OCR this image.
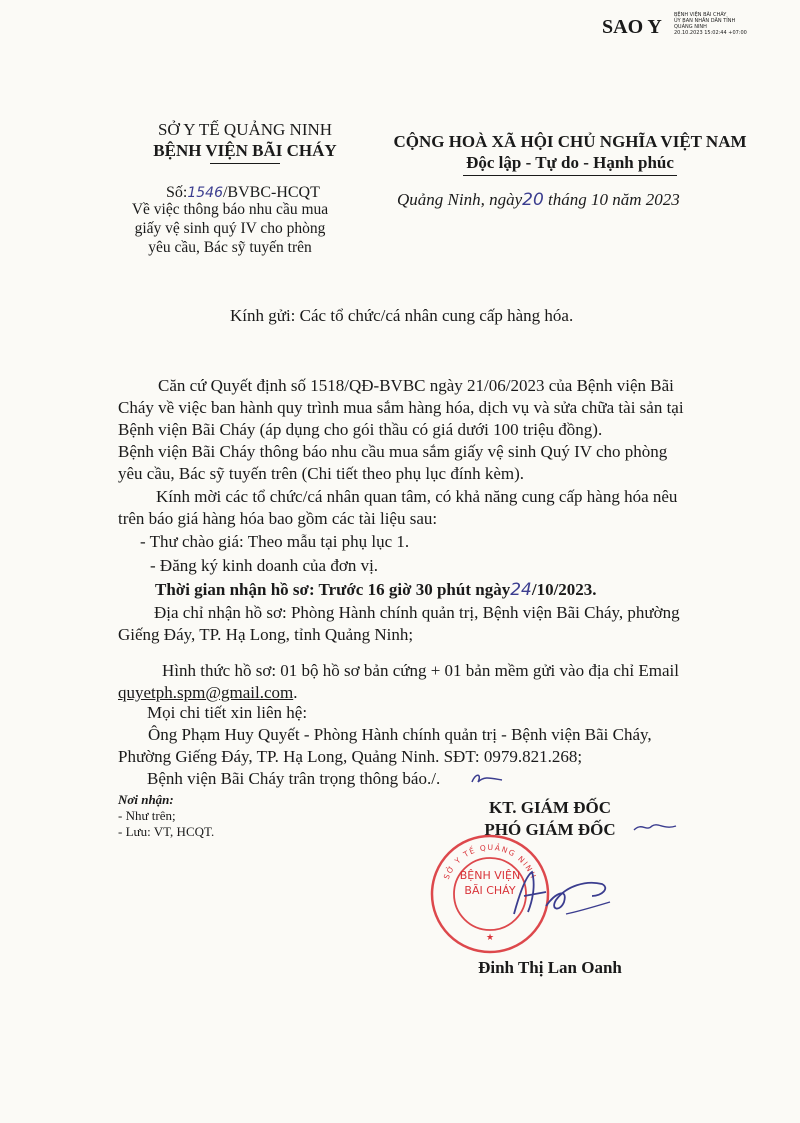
SAO Y
BỆNH VIỆN BÃI CHÁY
ỦY BAN NHÂN DÂN TỈNH
QUẢNG NINH
20.10.2023 15:02:44 +07:00
SỞ Y TẾ QUẢNG NINH
BỆNH VIỆN BÃI CHÁY
Số:1546/BVBC-HCQT
Về việc thông báo nhu cầu mua
giấy vệ sinh quý IV cho phòng
yêu cầu, Bác sỹ tuyến trên
CỘNG HOÀ XÃ HỘI CHỦ NGHĨA VIỆT NAM
Độc lập - Tự do - Hạnh phúc
Quảng Ninh, ngày20 tháng 10 năm 2023
Kính gửi: Các tổ chức/cá nhân cung cấp hàng hóa.
Căn cứ Quyết định số 1518/QĐ-BVBC ngày 21/06/2023 của Bệnh viện Bãi
Cháy về việc ban hành quy trình mua sắm hàng hóa, dịch vụ và sửa chữa tài sản tại
Bệnh viện Bãi Cháy (áp dụng cho gói thầu có giá dưới 100 triệu đồng).
Bệnh viện Bãi Cháy thông báo nhu cầu mua sắm giấy vệ sinh Quý IV cho phòng
yêu cầu, Bác sỹ tuyến trên (Chi tiết theo phụ lục đính kèm).
Kính mời các tổ chức/cá nhân quan tâm, có khả năng cung cấp hàng hóa nêu
trên báo giá hàng hóa bao gồm các tài liệu sau:
- Thư chào giá: Theo mẫu tại phụ lục 1.
- Đăng ký kinh doanh của đơn vị.
Thời gian nhận hồ sơ: Trước 16 giờ 30 phút ngày24/10/2023.
Địa chỉ nhận hồ sơ: Phòng Hành chính quản trị, Bệnh viện Bãi Cháy, phường
Giếng Đáy, TP. Hạ Long, tỉnh Quảng Ninh;
Hình thức hồ sơ: 01 bộ hồ sơ bản cứng + 01 bản mềm gửi vào địa chỉ Email
quyetph.spm@gmail.com.
Mọi chi tiết xin liên hệ:
Ông Phạm Huy Quyết - Phòng Hành chính quản trị - Bệnh viện Bãi Cháy,
Phường Giếng Đáy, TP. Hạ Long, Quảng Ninh. SĐT: 0979.821.268;
Bệnh viện Bãi Cháy trân trọng thông báo./.
Nơi nhận:
- Như trên;
- Lưu: VT, HCQT.
KT. GIÁM ĐỐC
PHÓ GIÁM ĐỐC
SỞ Y TẾ QUẢNG NINH
★
BỆNH VIỆN
BÃI CHÁY
Đinh Thị Lan Oanh
